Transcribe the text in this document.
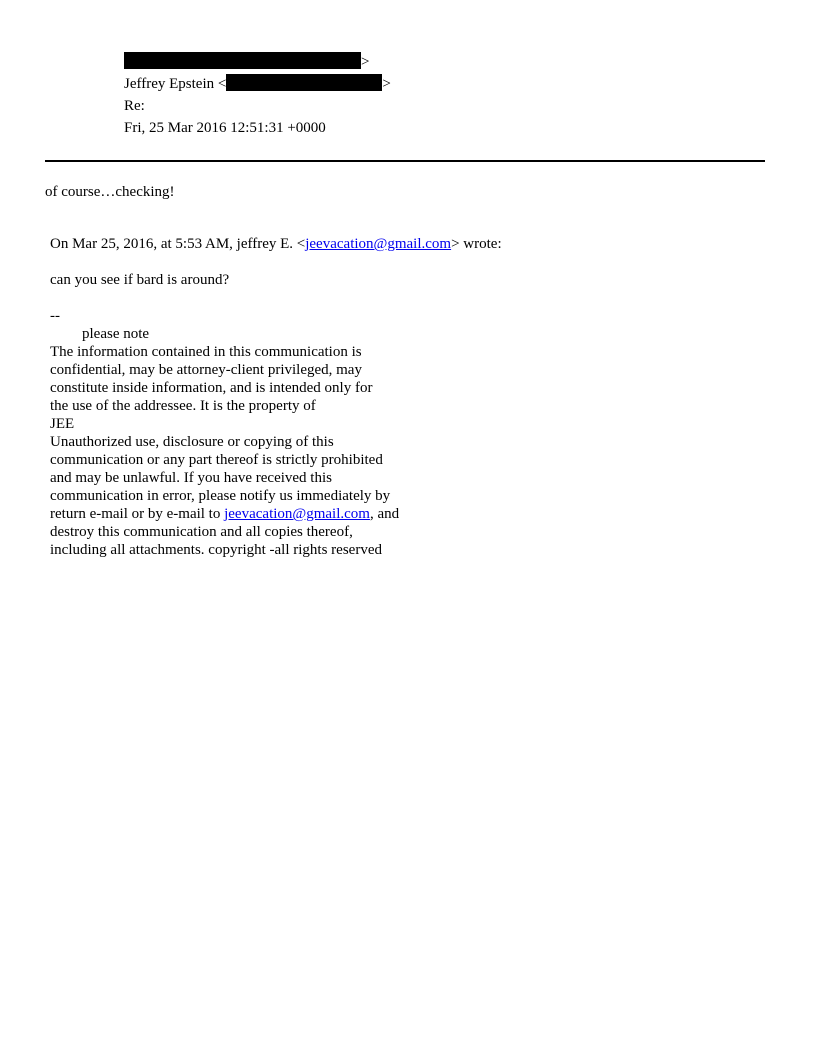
>
Jeffrey Epstein <	>
Re:
Fri, 25 Mar 2016 12:51:31 +0000
of course…checking!
On Mar 25, 2016, at 5:53 AM, jeffrey E. <jeevacation@gmail.com> wrote:
can you see if bard is around?
--
please note
The information contained in this communication is
confidential, may be attorney-client privileged, may
constitute inside information, and is intended only for
the use of the addressee. It is the property of
JEE
Unauthorized use, disclosure or copying of this
communication or any part thereof is strictly prohibited
and may be unlawful. If you have received this
communication in error, please notify us immediately by
return e-mail or by e-mail to jeevacation@gmail.com, and
destroy this communication and all copies thereof,
including all attachments. copyright -all rights reserved
